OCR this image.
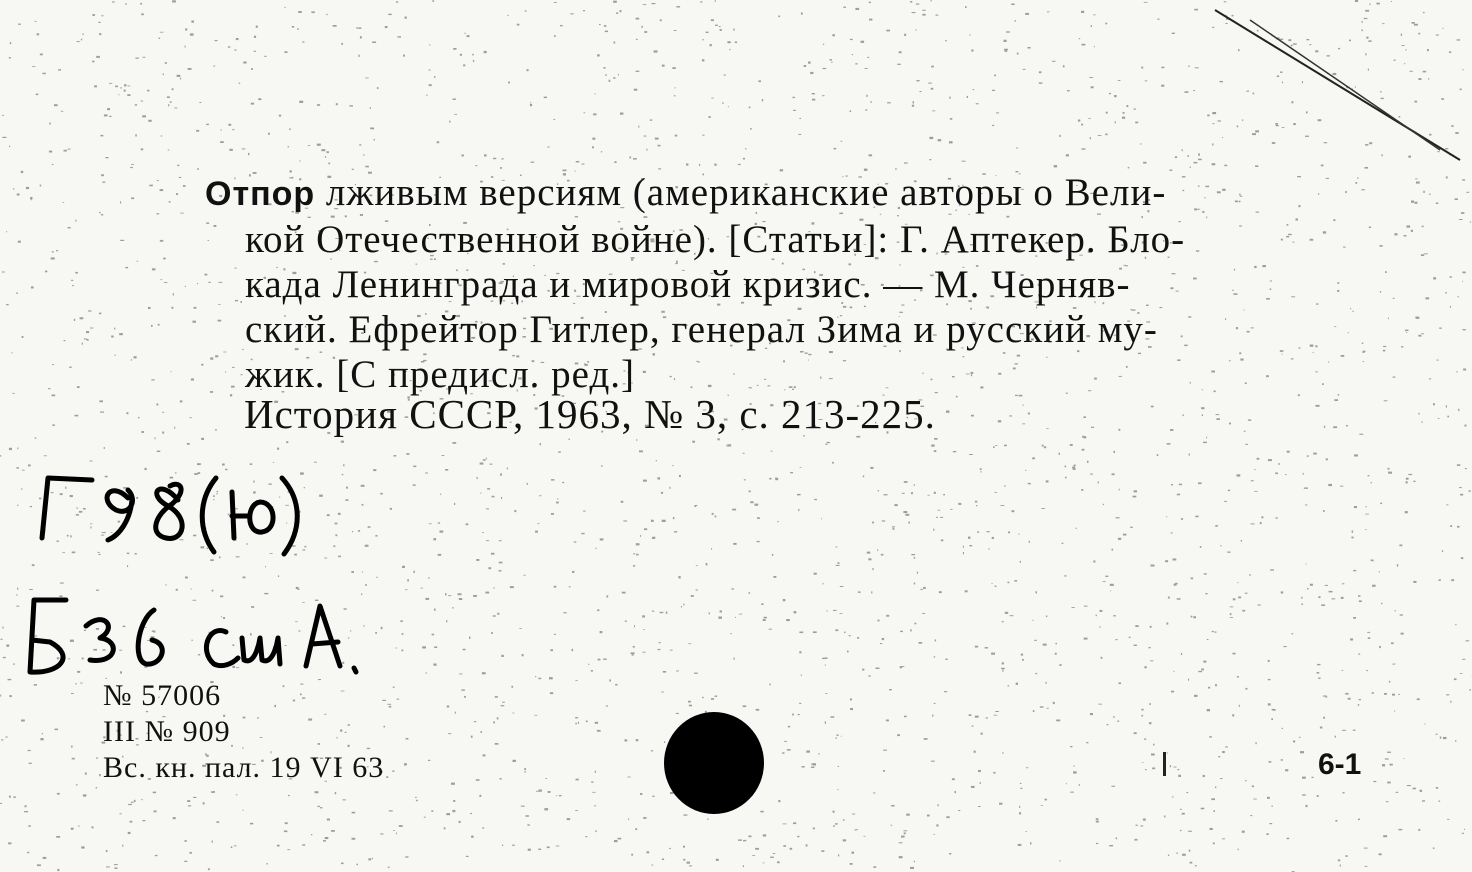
Отпор лживым версиям (американские авторы о Вели-
кой Отечественной войне). [Статьи]: Г. Аптекер. Бло-
када Ленинграда и мировой кризис. — М. Черняв-
ский. Ефрейтор Гитлер, генерал Зима и русский му-
жик. [С предисл. ред.]
История СССР, 1963, № 3, с. 213-225.
№ 57006
III № 909
Вс. кн. пал. 19 VI 63	6-1
